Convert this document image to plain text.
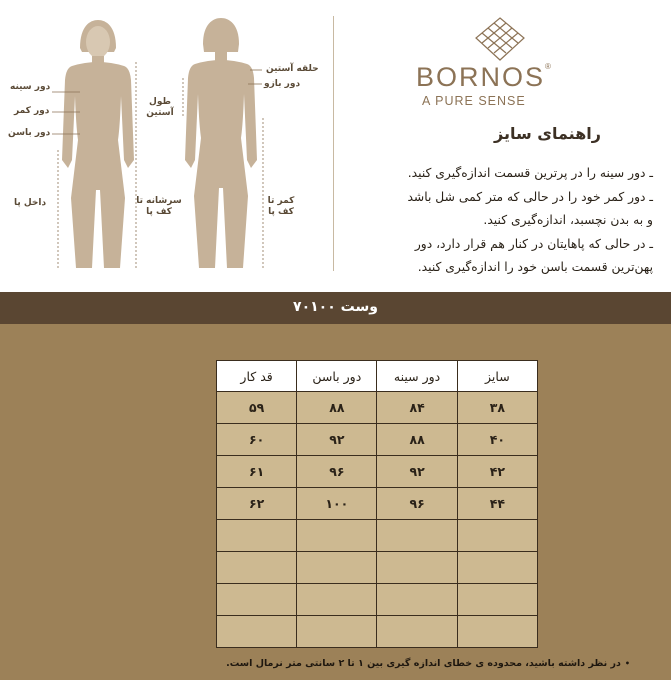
دور سینه
دور کمر
دور باسن
داخل پا	سرشانه تا کف پا
حلقه آستین
دور بازو
طول آستین
کمر تا کف پا
BORNOS®
A PURE SENSE
راهنمای سایز
ـ دور سینه را در پرترین قسمت اندازه‌گیری کنید.
ـ دور کمر خود را در حالی که متر کمی شل باشد
و به بدن نچسبد، اندازه‌گیری کنید.
ـ در حالی که پاهایتان در کنار هم قرار دارد، دور
پهن‌ترین قسمت باسن خود را اندازه‌گیری کنید.
وست ۷۰۱۰۰
سایز	دور سینه	دور باسن	قد کار
۳۸	۸۴	۸۸	۵۹
۴۰	۸۸	۹۲	۶۰
۴۲	۹۲	۹۶	۶۱
۴۴	۹۶	۱۰۰	۶۲

•در نظر داشته باشید، محدوده ی خطای اندازه گیری بین ۱ تا ۲ سانتی متر نرمال است.
